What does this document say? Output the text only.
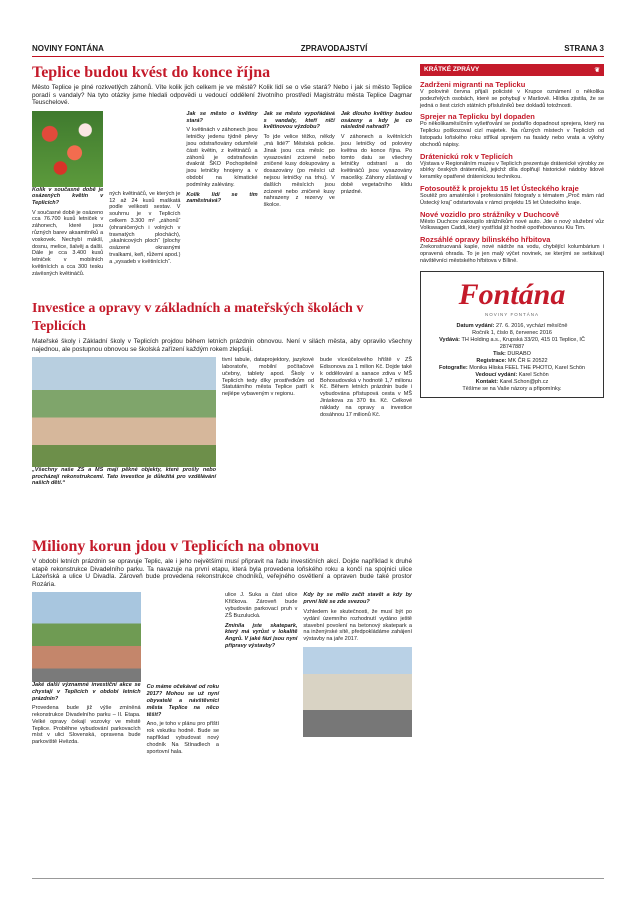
NOVINY FONTÁNA	ZPRAVODAJSTVÍ	STRANA 3
Teplice budou kvést do konce října

Město Teplice je plné rozkvetlých záhonů. Víte kolik jich celkem je ve městě? Kolik lidí se o vše stará? Nebo i jak si město Teplice poradí s vandaly? Na tyto otázky jsme hledali odpovědi u vedoucí oddělení životního prostředí Magistrátu města Teplice Dagmar Teuschelové.

Kolik v současné době je osázených květin v Teplicích?

V současné době je osázeno cca 76.700 kusů letniček v záhonech, které jsou různých barev aksamitníků a voskovek. Nechybí mákšl, dosnu, melice, šalvěj a dalši. Dále je cca 3.400 kusů letniček v mobilních květinících a cca 300 tesku závěsných květináčů.

ných květináčů, ve kterých je 12 až 24 kusů maškatá podle velikosti sestav. V souhrnu je v Teplicích celkem 3.300 m² „záhonů“ (ohraničených i volných v travnatých plochách), „skalnicových ploch“ (plochy osázené okrasnými trvalkami, keři, růžemi apod.) a „vysadeb v květinících“.

Jak se město o květiny stará?

V květinách v záhonech jsou letničky jedenu týdně plevy jsou odstraňovány odumřelé části květin, z květináčů a záhonů je odstraňován dvakrát ŠKO Pochopitelně jsou letničky hnojeny a v období na kímatické podmínky zalévány.

Kolik lidí se tím zaměstnává?

Jak se město vypořádává s vandaly, kteří ničí květinovou výzdobu?

To jde velice těžko, někdy „má lidé?“ Městská policie. Jinak jsou cca měsíc po vysazování zcizené nebo zničené kusy dokupovány a dosazovány (po měsíci už nejsou letničky na trhu). V dalších měsících jsou zcizené nebo zničené kusy nahrazeny z rezervy ve školce.

Jak dlouho květiny budou osázeny a kdy je co následně nahradí?

V záhonech a květnících jsou letničky od poloviny května do konce října. Po tomto datu se všechny letničky odstraní a do květináčů jsou vysazovány macešky. Záhony zůstávají v době vegetačního klidu prázdné.

Investice a opravy v základních a mateřských školách v Teplicích

Mateřské školy i Základní školy v Teplicích projdou během letních prázdnin obnovou. Není v silách města, aby opravilo všechny najednou, ale postupnou obnovou se školská zařízení každým rokem zlepšují.

„Všechny naše ZŠ a MŠ mají pěkné objekty, které prošly nebo procházejí rekonstrukcemi. Tato investice je důležitá pro vzdělávání našich dětí.“

tivní tabule, dataprojektory, jazykové laboratoře, mobilní počítačové učebny, tablety apod. Školy v Teplicích tedy díky prostředkům od Statutárního města Teplice patří k nejlépe vybaveným v regionu.

bude víceúčelového hřiště v ZŠ Edisonova za 1 milion Kč. Dojde také k oddělování a sanace zdiva v MŠ Bohosudovská v hodnotě 1,7 milionu Kč. Během letních prázdnin bude i vybudována přístupová cesta v MŠ Jiráskova za 370 tis. Kč. Celkové náklady na opravy a investice dosáhnou 17 milionů Kč.

Miliony korun jdou v Teplicích na obnovu

V období letních prázdnin se opravuje Teplic, ale i jeho největšími musí připravit na řadu investičních akcí. Dojde například k druhé etapě rekonstrukce Divadelního parku. Ta navazuje na první etapu, která byla provedena loňského roku a končí na spojnici ulice Lázeňská a ulice U Divadla. Zároveň bude provedena rekonstrukce chodníků, veřejného osvětlení a opraven bude také prostor Rozária.

Jaké další významné investiční akce se chystají v Teplicích v období letních prázdnin?

Provedena bude již výše zmíněná rekonstrukce Divadelního parku – II. Etapa. Velké opravy čekají vozovky ve městě Teplice. Proběhne vybudování parkovacích míst v ulici Slovenská, opravena bude parkoviště Hvězda.

Co máme očekávat od roku 2017? Mohou se už nyní obyvatelé a návštěvníci města Teplice na něco těšit?

Ano, je toho v plánu pro příští rok vskutku hodně. Bude se například vybudovat nový chodník Na Stínadlech a sportovní hala.

ulice J. Suka a část ulice Křičkova. Zároveň bude vybudován parkovací pruh v ZŠ Buzulucká.

Zmínila jste skatepark, který má vyrůst v lokalitě Angrů. V jaké fázi jsou nyní přípravy výstavby?

Kdy by se mělo začít stavět a kdy by první lidé se zde svezou?

Vzhledem ke skutečnosti, že musí být po vydání územního rozhodnutí vydáno ještě stavební povolení na betonový skatepark a na inženýrské sítě, předpokládáme zahájení výstavby na jaře 2017.

KRÁTKÉ ZPRÁVY	❦
Zadrženi migranti na Teplicku

V polovině června přijali policisté v Krupce oznámení o několika podezřelých osobách, které se pohybují v Maršově. Hlídka zjistila, že se jedná o šest cizích státních příslušníků bez dokladů totožnosti.

Sprejer na Teplicku byl dopaden

Po několikaměsíčním vyšetřování se podařilo dopadnout sprejera, který na Teplicku poškozoval cizí majetek. Na různých místech v Teplicích od listopadu loňského roku stříkal sprejem na fasády nebo vrata a výlohy obchodů nápisy.

Drátenickú rok v Teplicích

Výstava v Regionálním muzeu v Teplicích prezentuje drátenické výrobky ze sbírky českých drátenníků, jejichž díla doplňují historické nádoby lidové keramiky opatřené drátenickou technikou.

Fotosoutěž k projektu 15 let Ústeckého kraje

Soutěž pro amatérské i profesionální fotografy s tématem „Proč mám rád Ústecký kraj“ odstartovala v rámci projektu 15 let Ústeckého kraje.

Nové vozidlo pro strážníky v Duchcově

Město Duchcov zakoupilo strážníkům nové auto. Jde o nový služební vůz Volkswagen Caddi, který vystřídal již hodně opotřebovanou Kiu Tim.

Rozsáhlé opravy bílinského hřbitova

Zrekonstruovaná kaple, nové nádrže na vodu, chybějící kolumbárium i opravená ohrada. To je jen malý výčet novinek, se kterými se setkávají návštěvníci městského hřbitova v Bílině.

Fontána
NOVINY FONTÁNA
Datum vydání: 27. 6. 2016, vychází měsíčně
Ročník 1, číslo 8, červenec 2016
Vydává: TH Holding a.s., Krupská 33/20, 415 01 Teplice, IČ 28747887
Tisk: DURABO
Registrace: MK ČR E 20522
Fotografie: Monika Hliska FEEL THE PHOTO, Karel Schön
Vedoucí vydání: Karel Schön
Kontakt: Karel.Schon@ph.cz
Těšíme se na Vaše názory a připomínky.
